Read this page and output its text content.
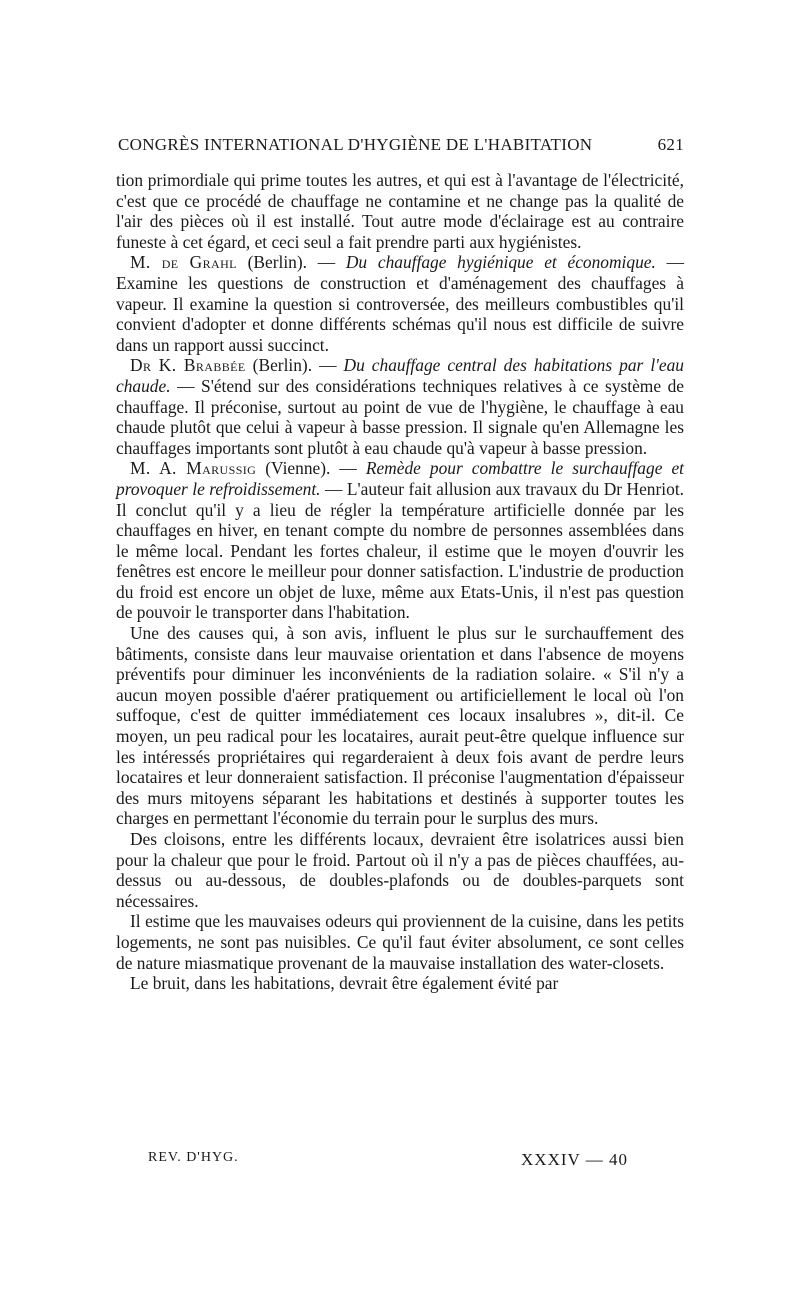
CONGRÈS INTERNATIONAL D'HYGIÈNE DE L'HABITATION	621

tion primordiale qui prime toutes les autres, et qui est à l'avantage de l'électricité, c'est que ce procédé de chauffage ne contamine et ne change pas la qualité de l'air des pièces où il est installé. Tout autre mode d'éclairage est au contraire funeste à cet égard, et ceci seul a fait prendre parti aux hygiénistes.

M. de Grahl (Berlin). — Du chauffage hygiénique et économique. — Examine les questions de construction et d'aménagement des chauffages à vapeur. Il examine la question si controversée, des meilleurs combustibles qu'il convient d'adopter et donne différents schémas qu'il nous est difficile de suivre dans un rapport aussi succinct.

Dr K. Brabbée (Berlin). — Du chauffage central des habitations par l'eau chaude. — S'étend sur des considérations techniques relatives à ce système de chauffage. Il préconise, surtout au point de vue de l'hygiène, le chauffage à eau chaude plutôt que celui à vapeur à basse pression. Il signale qu'en Allemagne les chauffages importants sont plutôt à eau chaude qu'à vapeur à basse pression.

M. A. Marussig (Vienne). — Remède pour combattre le surchauffage et provoquer le refroidissement. — L'auteur fait allusion aux travaux du Dr Henriot. Il conclut qu'il y a lieu de régler la température artificielle donnée par les chauffages en hiver, en tenant compte du nombre de personnes assemblées dans le même local. Pendant les fortes chaleur, il estime que le moyen d'ouvrir les fenêtres est encore le meilleur pour donner satisfaction. L'industrie de production du froid est encore un objet de luxe, même aux Etats-Unis, il n'est pas question de pouvoir le transporter dans l'habitation.

Une des causes qui, à son avis, influent le plus sur le surchauffement des bâtiments, consiste dans leur mauvaise orientation et dans l'absence de moyens préventifs pour diminuer les inconvénients de la radiation solaire. « S'il n'y a aucun moyen possible d'aérer pratiquement ou artificiellement le local où l'on suffoque, c'est de quitter immédiatement ces locaux insalubres », dit-il. Ce moyen, un peu radical pour les locataires, aurait peut-être quelque influence sur les intéressés propriétaires qui regarderaient à deux fois avant de perdre leurs locataires et leur donneraient satisfaction. Il préconise l'augmentation d'épaisseur des murs mitoyens séparant les habitations et destinés à supporter toutes les charges en permettant l'économie du terrain pour le surplus des murs.

Des cloisons, entre les différents locaux, devraient être isolatrices aussi bien pour la chaleur que pour le froid. Partout où il n'y a pas de pièces chauffées, au-dessus ou au-dessous, de doubles-plafonds ou de doubles-parquets sont nécessaires.

Il estime que les mauvaises odeurs qui proviennent de la cuisine, dans les petits logements, ne sont pas nuisibles. Ce qu'il faut éviter absolument, ce sont celles de nature miasmatique provenant de la mauvaise installation des water-closets.

Le bruit, dans les habitations, devrait être également évité par

REV. D'HYG.	XXXIV — 40
